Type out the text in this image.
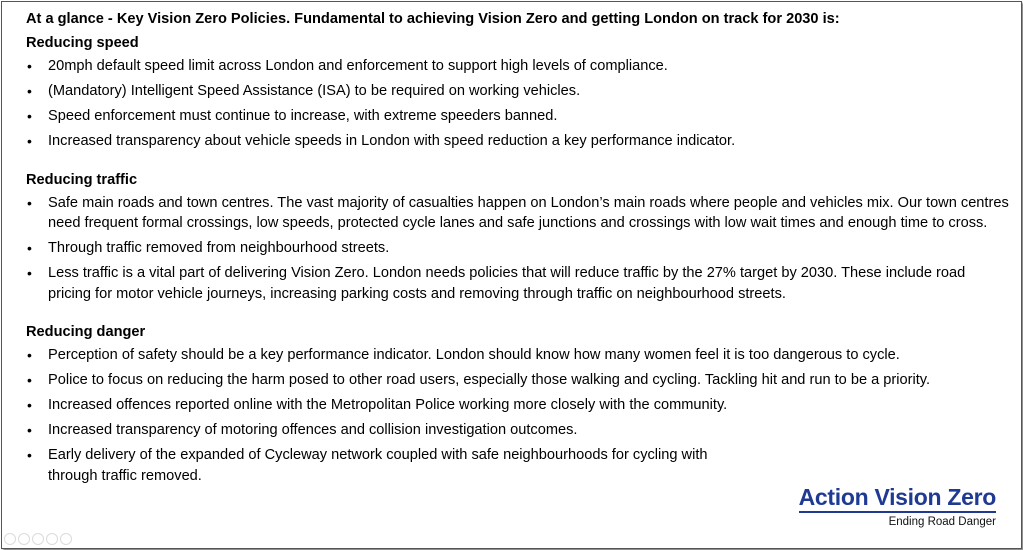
At a glance - Key Vision Zero Policies. Fundamental to achieving Vision Zero and getting London on track for 2030 is:
Reducing speed
• 20mph default speed limit across London and enforcement to support high levels of compliance.
• (Mandatory) Intelligent Speed Assistance (ISA) to be required on working vehicles.
• Speed enforcement must continue to increase, with extreme speeders banned.
• Increased transparency about vehicle speeds in London with speed reduction a key performance indicator.
Reducing traffic
• Safe main roads and town centres. The vast majority of casualties happen on London’s main roads where people and vehicles mix. Our town centres need frequent formal crossings, low speeds, protected cycle lanes and safe junctions and crossings with low wait times and enough time to cross.
• Through traffic removed from neighbourhood streets.
• Less traffic is a vital part of delivering Vision Zero. London needs policies that will reduce traffic by the 27% target by 2030. These include road pricing for motor vehicle journeys, increasing parking costs and removing through traffic on neighbourhood streets.
Reducing danger
• Perception of safety should be a key performance indicator. London should know how many women feel it is too dangerous to cycle.
• Police to focus on reducing the harm posed to other road users, especially those walking and cycling. Tackling hit and run to be a priority.
• Increased offences reported online with the Metropolitan Police working more closely with the community.
• Increased transparency of motoring offences and collision investigation outcomes.
• Early delivery of the expanded of Cycleway network coupled with safe neighbourhoods for cycling with through traffic removed.
Action Vision Zero
Ending Road Danger
